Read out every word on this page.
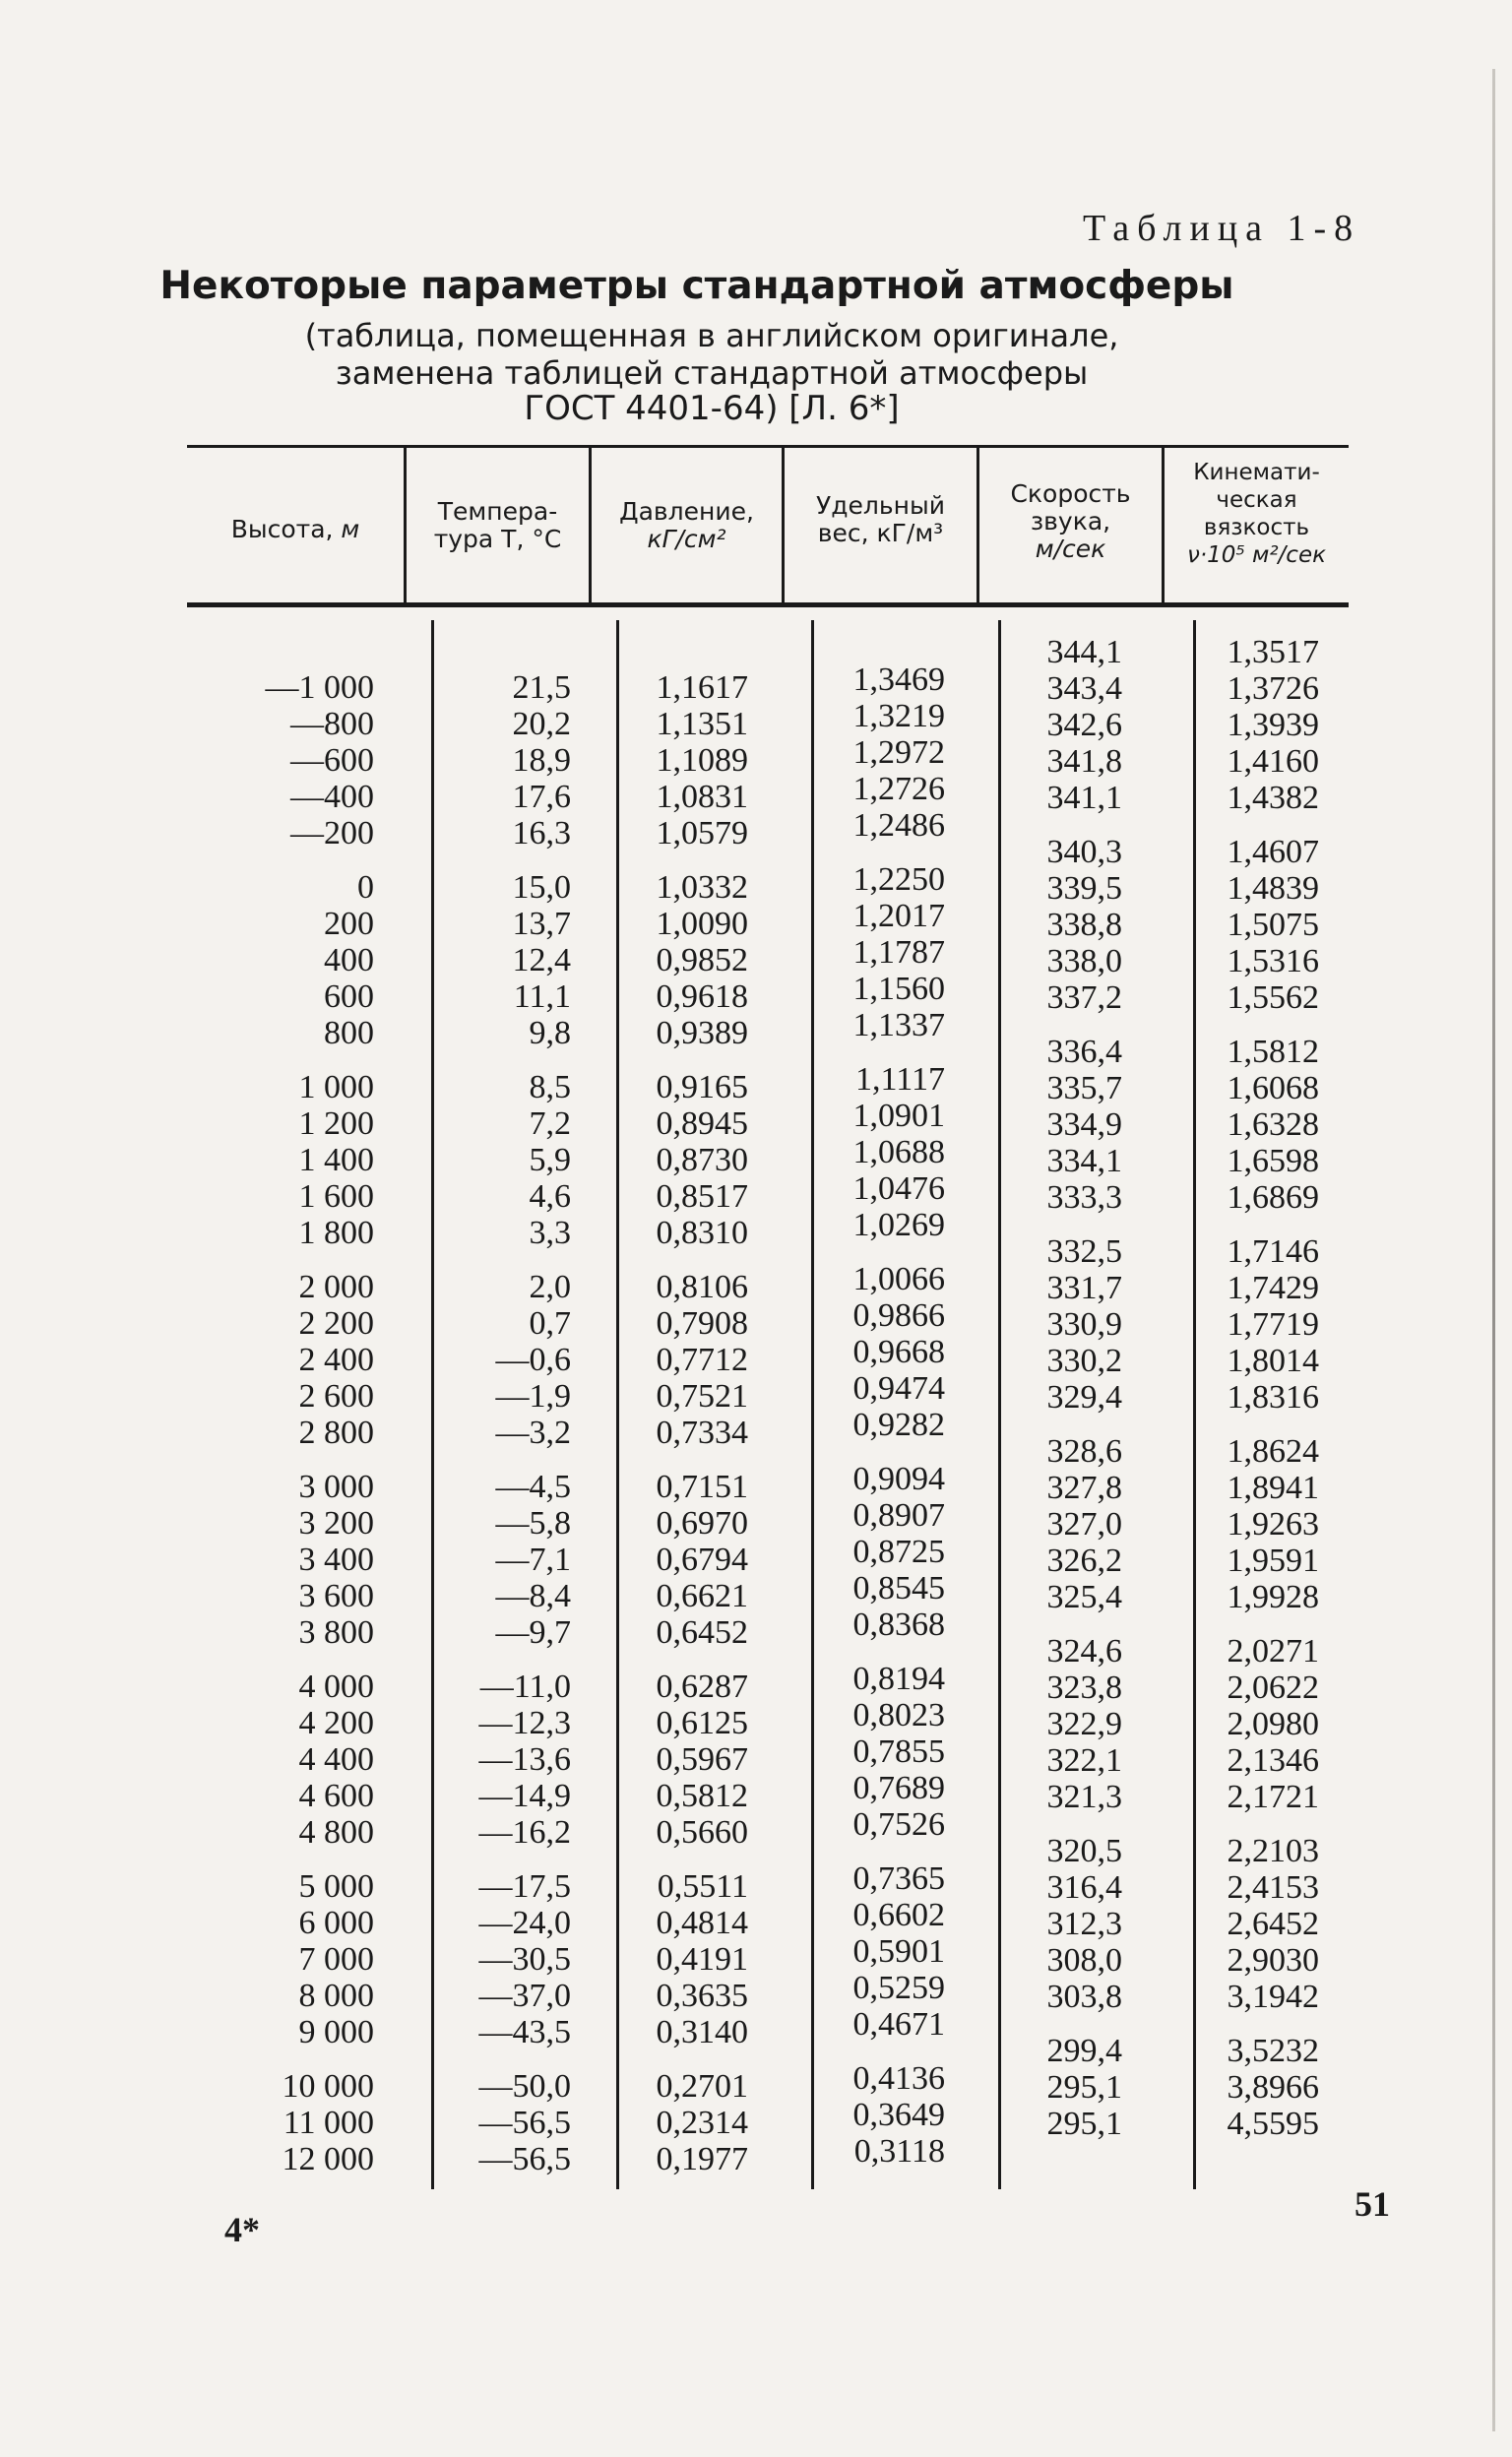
Таблица 1-8
Некоторые параметры стандартной атмосферы
(таблица, помещенная в английском оригинале,
заменена таблицей стандартной атмосферы
ГОСТ 4401-64) [Л. 6*]
Высота, м
Темпера-
тура T, °C
Давление,
кГ/см²
Удельный
вес, кГ/м³
Скорость
звука,
м/сек
Кинемати-
ческая
вязкость
ν·10⁵ м²/сек
—1 000
—800
—600
—400
—200
0
200
400
600
800
1 000
1 200
1 400
1 600
1 800
2 000
2 200
2 400
2 600
2 800
3 000
3 200
3 400
3 600
3 800
4 000
4 200
4 400
4 600
4 800
5 000
6 000
7 000
8 000
9 000
10 000
11 000
12 000
21,5
20,2
18,9
17,6
16,3
15,0
13,7
12,4
11,1
9,8
8,5
7,2
5,9
4,6
3,3
2,0
0,7
—0,6
—1,9
—3,2
—4,5
—5,8
—7,1
—8,4
—9,7
—11,0
—12,3
—13,6
—14,9
—16,2
—17,5
—24,0
—30,5
—37,0
—43,5
—50,0
—56,5
—56,5
1,1617
1,1351
1,1089
1,0831
1,0579
1,0332
1,0090
0,9852
0,9618
0,9389
0,9165
0,8945
0,8730
0,8517
0,8310
0,8106
0,7908
0,7712
0,7521
0,7334
0,7151
0,6970
0,6794
0,6621
0,6452
0,6287
0,6125
0,5967
0,5812
0,5660
0,5511
0,4814
0,4191
0,3635
0,3140
0,2701
0,2314
0,1977
1,3469
1,3219
1,2972
1,2726
1,2486
1,2250
1,2017
1,1787
1,1560
1,1337
1,1117
1,0901
1,0688
1,0476
1,0269
1,0066
0,9866
0,9668
0,9474
0,9282
0,9094
0,8907
0,8725
0,8545
0,8368
0,8194
0,8023
0,7855
0,7689
0,7526
0,7365
0,6602
0,5901
0,5259
0,4671
0,4136
0,3649
0,3118
344,1
343,4
342,6
341,8
341,1
340,3
339,5
338,8
338,0
337,2
336,4
335,7
334,9
334,1
333,3
332,5
331,7
330,9
330,2
329,4
328,6
327,8
327,0
326,2
325,4
324,6
323,8
322,9
322,1
321,3
320,5
316,4
312,3
308,0
303,8
299,4
295,1
295,1
1,3517
1,3726
1,3939
1,4160
1,4382
1,4607
1,4839
1,5075
1,5316
1,5562
1,5812
1,6068
1,6328
1,6598
1,6869
1,7146
1,7429
1,7719
1,8014
1,8316
1,8624
1,8941
1,9263
1,9591
1,9928
2,0271
2,0622
2,0980
2,1346
2,1721
2,2103
2,4153
2,6452
2,9030
3,1942
3,5232
3,8966
4,5595
4*
51
